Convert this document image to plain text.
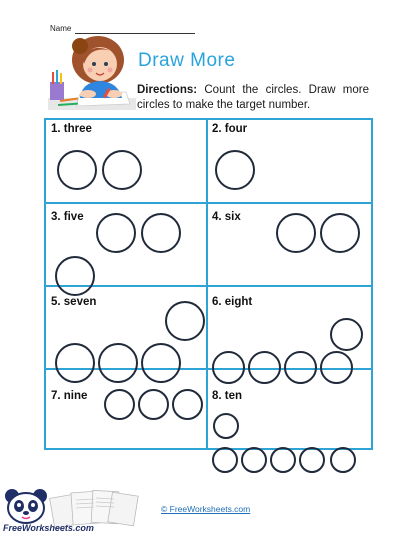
Name
Draw More
Directions: Count the circles. Draw more circles to make the target number.
1. three	2. four
3. five	4. six
5. seven	6. eight
7. nine	8. ten
FreeWorksheets.com
© FreeWorksheets.com
